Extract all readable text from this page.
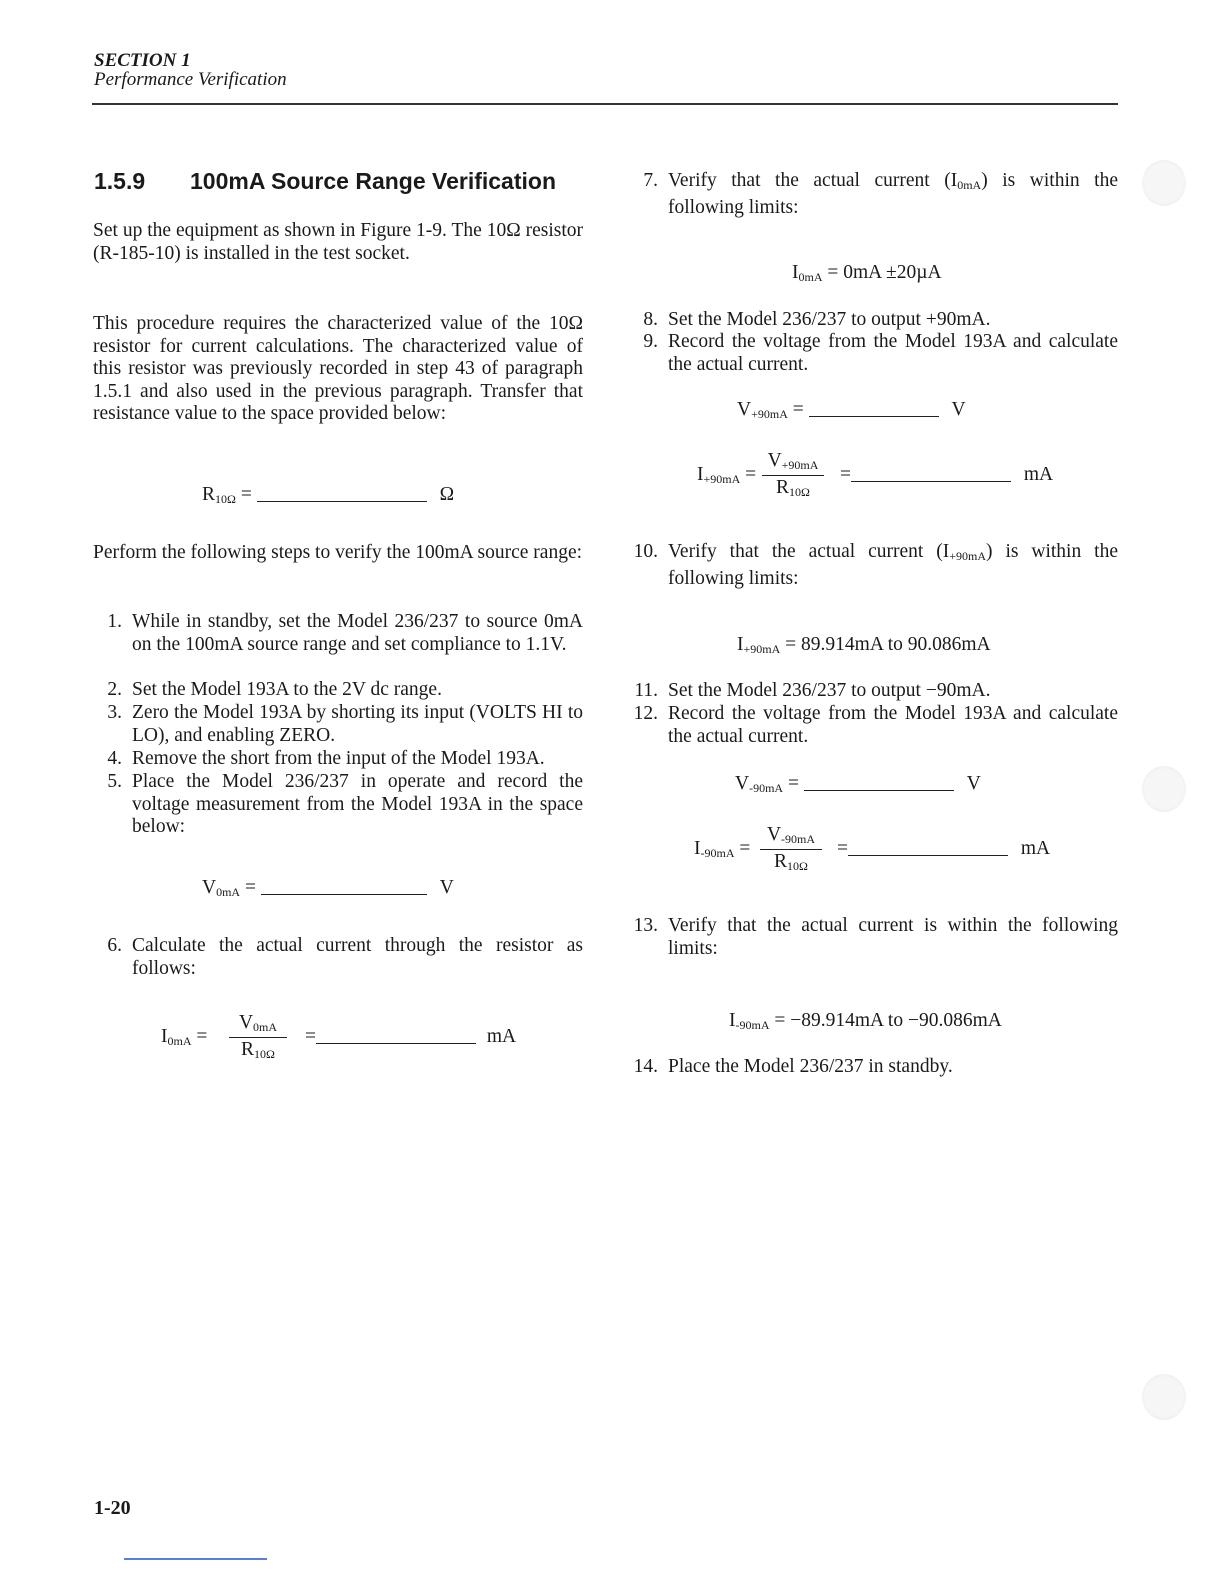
SECTION 1
Performance Verification
1.5.9 100mA Source Range Verification
Set up the equipment as shown in Figure 1-9. The 10Ω resistor (R-185-10) is installed in the test socket.
This procedure requires the characterized value of the 10Ω resistor for current calculations. The characterized value of this resistor was previously recorded in step 43 of paragraph 1.5.1 and also used in the previous paragraph. Transfer that resistance value to the space provided below:
$R_{10\Omega}$ =	Ω
Perform the following steps to verify the 100mA source range:
1. While in standby, set the Model 236/237 to source 0mA on the 100mA source range and set compliance to 1.1V.
2. Set the Model 193A to the 2V dc range.
3. Zero the Model 193A by shorting its input (VOLTS HI to LO), and enabling ZERO.
4. Remove the short from the input of the Model 193A.
5. Place the Model 236/237 in operate and record the voltage measurement from the Model 193A in the space below:
$V_{0mA}$ =	V
6. Calculate the actual current through the resistor as follows:
$I_{0mA} = \frac{V_{0mA}}{R_{10\Omega}}$ =	mA
7. Verify that the actual current $(I_{0mA})$ is within the following limits:
$I_{0mA} = 0mA \pm 20\mu A$
8. Set the Model 236/237 to output +90mA.
9. Record the voltage from the Model 193A and calculate the actual current.
$V_{+90mA}$ =	V
$I_{+90mA} = \frac{V_{+90mA}}{R_{10\Omega}}$ =	mA
10. Verify that the actual current $(I_{+90mA})$ is within the following limits:
$I_{+90mA} = 89.914mA$ to 90.086mA
11. Set the Model 236/237 to output −90mA.
12. Record the voltage from the Model 193A and calculate the actual current.
$V_{-90mA}$ =	V
$I_{-90mA} = \frac{V_{-90mA}}{R_{10\Omega}}$ =	mA
13. Verify that the actual current is within the following limits:
$I_{-90mA} = -89.914mA$ to −90.086mA
14. Place the Model 236/237 in standby.
1-20
